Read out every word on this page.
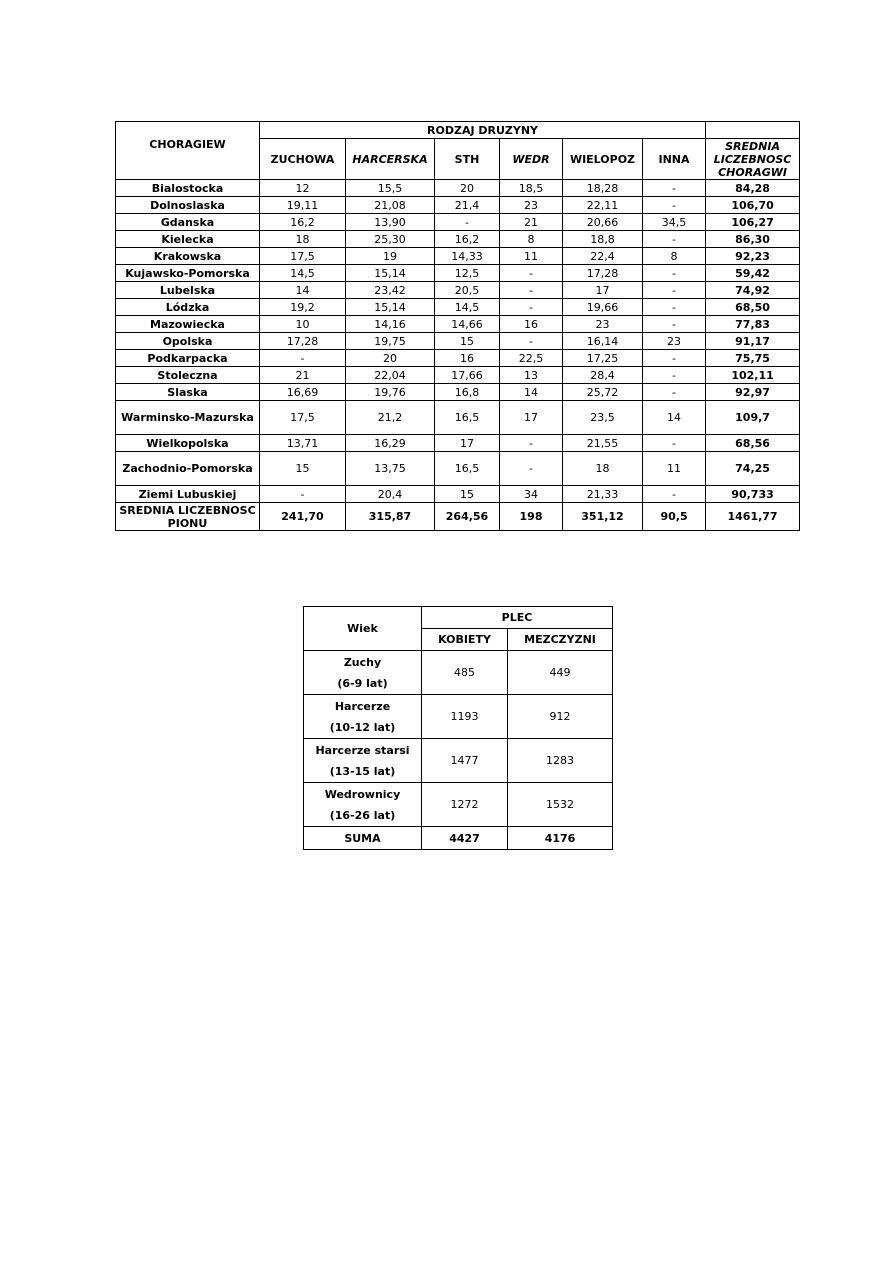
CHORAGIEW	RODZAJ DRUZYNY						
	ZUCHOWA	HARCERSKA	STH	WEDR	WIELOPOZ	INNA	SREDNIA LICZEBNOSC CHORAGWI
Bialostocka	12	15,5	20	18,5	18,28	-	84,28
Dolnoslaska	19,11	21,08	21,4	23	22,11	-	106,70
Gdanska	16,2	13,90	-	21	20,66	34,5	106,27
Kielecka	18	25,30	16,2	8	18,8	-	86,30
Krakowska	17,5	19	14,33	11	22,4	8	92,23
Kujawsko-Pomorska	14,5	15,14	12,5	-	17,28	-	59,42
Lubelska	14	23,42	20,5	-	17	-	74,92
Lódzka	19,2	15,14	14,5	-	19,66	-	68,50
Mazowiecka	10	14,16	14,66	16	23	-	77,83
Opolska	17,28	19,75	15	-	16,14	23	91,17
Podkarpacka	-	20	16	22,5	17,25	-	75,75
Stoleczna	21	22,04	17,66	13	28,4	-	102,11
Slaska	16,69	19,76	16,8	14	25,72	-	92,97
Warminsko-Mazurska	17,5	21,2	16,5	17	23,5	14	109,7
Wielkopolska	13,71	16,29	17	-	21,55	-	68,56
Zachodnio-Pomorska	15	13,75	16,5	-	18	11	74,25
Ziemi Lubuskiej	-	20,4	15	34	21,33	-	90,733
SREDNIA LICZEBNOSC PIONU	241,70	315,87	264,56	198	351,12	90,5	1461,77
Wiek	PLEC	
	KOBIETY	MEZCZYZNI

Zuchy
(6-9 lat)	485	449

Harcerze
(10-12 lat)	1193	912

Harcerze starsi
(13-15 lat)	1477	1283

Wedrownicy
(16-26 lat)	1272	1532
SUMA	4427	4176
